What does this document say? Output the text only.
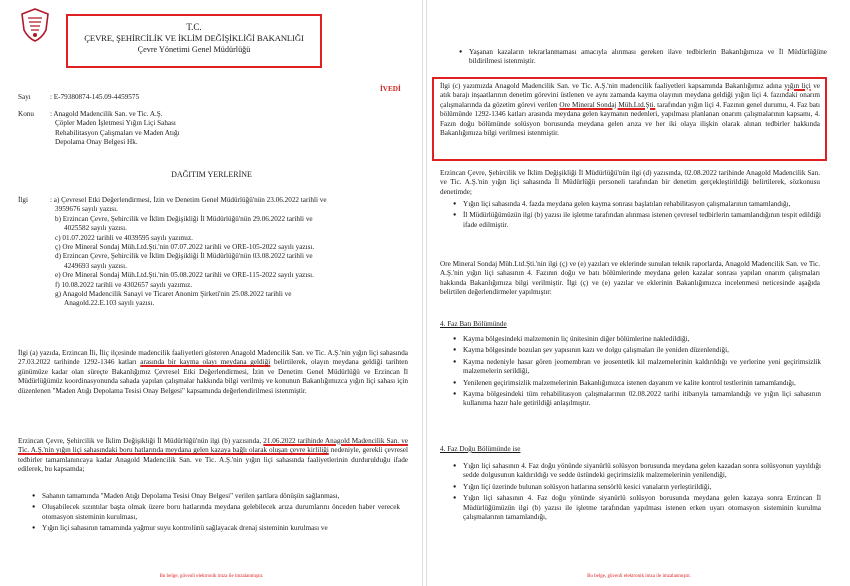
T.C.
ÇEVRE, ŞEHİRCİLİK VE İKLİM DEĞİŞİKLİĞİ BAKANLIĞI
Çevre Yönetimi Genel Müdürlüğü
Sayı	: E-79380874-145.09-4459575
İVEDİ
Konu : Anagold Madencilik San. ve Tic. A.Ş.
Çöpler Maden İşletmesi Yığın Liçi Sahası
Rehabilitasyon Çalışmaları ve Maden Atığı
Depolama Onay Belgesi Hk.
DAĞITIM YERLERİNE
İlgi	: a) Çevresel Etki Değerlendirmesi, İzin ve Denetim Genel Müdürlüğü'nün 23.06.2022 tarihli ve
3959676 sayılı yazısı.
b) Erzincan Çevre, Şehircilik ve İklim Değişikliği İl Müdürlüğü'nün 29.06.2022 tarihli ve
4025582 sayılı yazısı.
c) 01.07.2022 tarihli ve 4039595 sayılı yazımız.
ç) Ore Mineral Sondaj Müh.Ltd.Şti.'nin 07.07.2022 tarihli ve ORE-105-2022 sayılı yazısı.
d) Erzincan Çevre, Şehircilik ve İklim Değişikliği İl Müdürlüğü'nün 03.08.2022 tarihli ve
4249693 sayılı yazısı.
e) Ore Mineral Sondaj Müh.Ltd.Şti.'nin 05.08.2022 tarihli ve ORE-115-2022 sayılı yazısı.
f) 10.08.2022 tarihli ve 4302657 sayılı yazımız.
g) Anagold Madencilik Sanayi ve Ticaret Anonim Şirketi'nin 25.08.2022 tarihli ve
Anagold.22.E.103 sayılı yazısı.
İlgi (a) yazıda, Erzincan İli, İliç ilçesinde madencilik faaliyetleri gösteren Anagold Madencilik San. ve Tic. A.Ş.'nin yığın liçi sahasında 27.03.2022 tarihinde 1292-1346 katları arasında bir kayma olayı meydana geldiği belirtilerek, olayın meydana geldiği tarihten günümüze kadar olan süreçte Bakanlığımız Çevresel Etki Değerlendirmesi, İzin ve Denetim Genel Müdürlüğü ve Erzincan İl Müdürlüğümüz koordinasyonunda sahada yapılan çalışmalar hakkında bilgi verilmiş ve konunun Bakanlığımızca yığın liçi sahası için düzenlenen "Maden Atığı Depolama Tesisi Onay Belgesi" kapsamında değerlendirilmesi istenmiştir.
Erzincan Çevre, Şehircilik ve İklim Değişikliği İl Müdürlüğü'nün ilgi (b) yazısında, 21.06.2022 tarihinde Anagold Madencilik San. ve Tic. A.Ş.'nin yığın liçi sahasındaki boru hatlarında meydana gelen kazaya bağlı olarak oluşan çevre kirliliği nedeniyle, gerekli çevresel tedbirler tamamlanıncaya kadar Anagold Madencilik San. ve Tic. A.Ş.'nin yığın liçi sahasında faaliyetlerinin durdurulduğu ifade edilerek, bu kapsamda;
● Sahanın tamamında "Maden Atığı Depolama Tesisi Onay Belgesi" verilen şartlara dönüşün sağlanması,
● Oluşabilecek sızıntılar başta olmak üzere boru hatlarında meydana gelebilecek arıza durumlarını önceden haber verecek otomasyon sisteminin kurulması,
● Yığın liçi sahasının tamamında yağmur suyu kontrolünü sağlayacak drenaj sisteminin kurulması ve
Bu belge, güvenli elektronik imza ile imzalanmıştır.
● Yaşanan kazaların tekrarlanmaması amacıyla alınması gereken ilave tedbirlerin Bakanlığımıza ve İl Müdürlüğüne bildirilmesi istenmiştir.
İlgi (c) yazımızda Anagold Madencilik San. ve Tic. A.Ş.'nin madencilik faaliyetleri kapsamında Bakanlığımız adına yığın liçi ve atık barajı inşaatlarının denetim görevini üstlenen ve aynı zamanda kayma olayının meydana geldiği yığın liçi 4. fazındaki onarım çalışmalarında da gözetim görevi verilen Ore Mineral Sondaj Müh.Ltd.Şti. tarafından yığın liçi 4. Fazının genel durumu, 4. Faz batı bölümünde 1292-1346 katları arasında meydana gelen kaymanın nedenleri, yapılması planlanan onarım çalışmalarının kapsamı, 4. Fazın doğu bölümünde solüsyon borusunda meydana gelen arıza ve her iki olaya ilişkin olarak alınan tedbirler hakkında Bakanlığımıza bilgi verilmesi istenmiştir.
Erzincan Çevre, Şehircilik ve İklim Değişikliği İl Müdürlüğü'nün ilgi (d) yazısında, 02.08.2022 tarihinde Anagold Madencilik San. ve Tic. A.Ş.'nin yığın liçi sahasında İl Müdürlüğü personeli tarafından bir denetim gerçekleştirildiği belirtilerek, sözkonusu denetimde;
● Yığın liçi sahasında 4. fazda meydana gelen kayma sonrası başlatılan rehabilitasyon çalışmalarının tamamlandığı,
● İl Müdürlüğümüzün ilgi (b) yazısı ile işletme tarafından alınması istenen çevresel tedbirlerin tamamlandığının tespit edildiği ifade edilmiştir.
Ore Mineral Sondaj Müh.Ltd.Şti.'nin ilgi (ç) ve (e) yazıları ve eklerinde sunulan teknik raporlarda, Anagold Madencilik San. ve Tic. A.Ş.'nin yığın liçi sahasının 4. Fazının doğu ve batı bölümlerinde meydana gelen kazalar sonrası yapılan onarım çalışmaları hakkında Bakanlığımıza bilgi verilmiştir. İlgi (ç) ve (e) yazılar ve eklerinin Bakanlığımızca incelenmesi neticesinde aşağıda belirtilen değerlendirmeler yapılmıştır:
4. Faz Batı Bölümünde
● Kayma bölgesindeki malzemenin liç ünitesinin diğer bölümlerine nakledildiği,
● Kayma bölgesinde bozulan şev yapısının kazı ve dolgu çalışmaları ile yeniden düzenlendiği,
● Kayma nedeniyle hasar gören jeomembran ve jeosentetik kil malzemelerinin kaldırıldığı ve yerlerine yeni geçirimsizlik malzemelerin serildiği,
● Yenilenen geçirimsizlik malzemelerinin Bakanlığımızca istenen dayanım ve kalite kontrol testlerinin tamamlandığı,
● Kayma bölgesindeki tüm rehabilitasyon çalışmalarının 02.08.2022 tarihi itibarıyla tamamlandığı ve yığın liçi sahasının kullanıma hazır hale getirildiği anlaşılmıştır.
4. Faz Doğu Bölümünde ise
● Yığın liçi sahasının 4. Faz doğu yönünde siyanürlü solüsyon borusunda meydana gelen kazadan sonra solüsyonun yayıldığı sedde dolgusunun kaldırıldığı ve sedde üstündeki geçirimsizlik malzemelerinin yenilendiği,
● Yığın liçi üzerinde bulunan solüsyon hatlarına sensörlü kesici vanaların yerleştirildiği,
● Yığın liçi sahasının 4. Faz doğu yönünde siyanürlü solüsyon borusunda meydana gelen kazaya sonra Erzincan İl Müdürlüğümüzün ilgi (b) yazısı ile işletme tarafından yapılması istenen erken uyarı otomasyon sisteminin kurulma çalışmalarının tamamlandığı,
Bu belge, güvenli elektronik imza ile imzalanmıştır.
